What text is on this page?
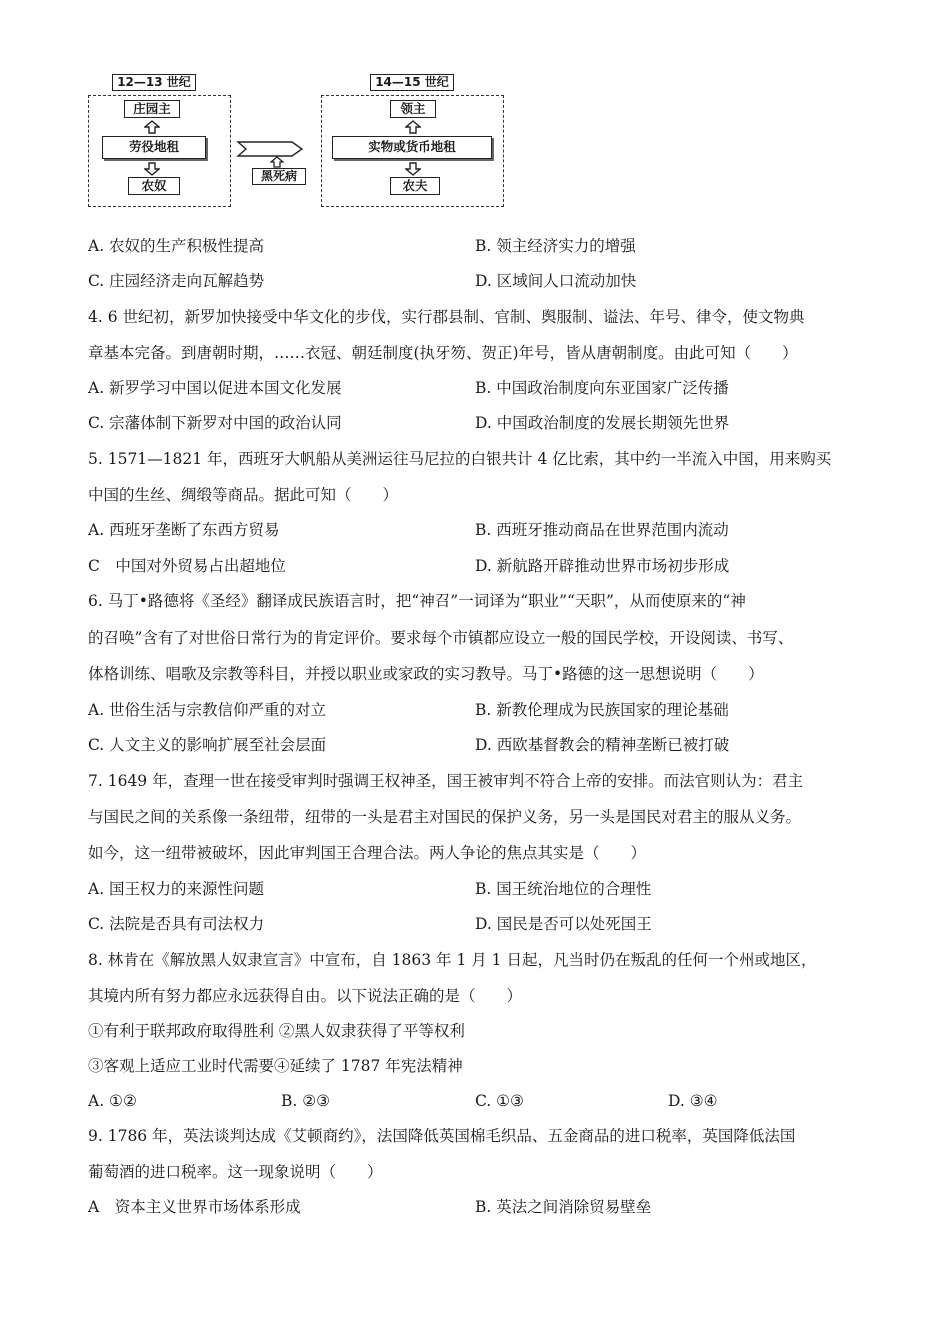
12—13 世纪
庄园主
劳役地租
农奴
黑死病
14—15 世纪
领主
实物或货币地租
农夫
A. 农奴的生产积极性提高	B. 领主经济实力的增强
C. 庄园经济走向瓦解趋势	D. 区域间人口流动加快
4. 6 世纪初，新罗加快接受中华文化的步伐，实行郡县制、官制、舆服制、谥法、年号、律令，使文物典
章基本完备。到唐朝时期，……衣冠、朝廷制度(执牙笏、贺正)年号，皆从唐朝制度。由此可知（　　）
A. 新罗学习中国以促进本国文化发展	B. 中国政治制度向东亚国家广泛传播
C. 宗藩体制下新罗对中国的政治认同	D. 中国政治制度的发展长期领先世界
5. 1571—1821 年，西班牙大帆船从美洲运往马尼拉的白银共计 4 亿比索，其中约一半流入中国，用来购买
中国的生丝、绸缎等商品。据此可知（　　）
A. 西班牙垄断了东西方贸易	B. 西班牙推动商品在世界范围内流动
C　中国对外贸易占出超地位	D. 新航路开辟推动世界市场初步形成
6. 马丁•路德将《圣经》翻译成民族语言时，把“神召”一词译为“职业”“天职”，从而使原来的“神
的召唤”含有了对世俗日常行为的肯定评价。要求每个市镇都应设立一般的国民学校，开设阅读、书写、
体格训练、唱歌及宗教等科目，并授以职业或家政的实习教导。马丁•路德的这一思想说明（　　）
A. 世俗生活与宗教信仰严重的对立	B. 新教伦理成为民族国家的理论基础
C. 人文主义的影响扩展至社会层面	D. 西欧基督教会的精神垄断已被打破
7. 1649 年，查理一世在接受审判时强调王权神圣，国王被审判不符合上帝的安排。而法官则认为：君主
与国民之间的关系像一条纽带，纽带的一头是君主对国民的保护义务，另一头是国民对君主的服从义务。
如今，这一纽带被破坏，因此审判国王合理合法。两人争论的焦点其实是（　　）
A. 国王权力的来源性问题	B. 国王统治地位的合理性
C. 法院是否具有司法权力	D. 国民是否可以处死国王
8. 林肯在《解放黑人奴隶宣言》中宣布，自 1863 年 1 月 1 日起，凡当时仍在叛乱的任何一个州或地区，
其境内所有努力都应永远获得自由。以下说法正确的是（　　）
①有利于联邦政府取得胜利 ②黑人奴隶获得了平等权利
③客观上适应工业时代需要④延续了 1787 年宪法精神
A. ①②	B. ②③	C. ①③	D. ③④
9. 1786 年，英法谈判达成《艾顿商约》，法国降低英国棉毛织品、五金商品的进口税率，英国降低法国
葡萄酒的进口税率。这一现象说明（　　）
A　资本主义世界市场体系形成	B. 英法之间消除贸易壁垒
